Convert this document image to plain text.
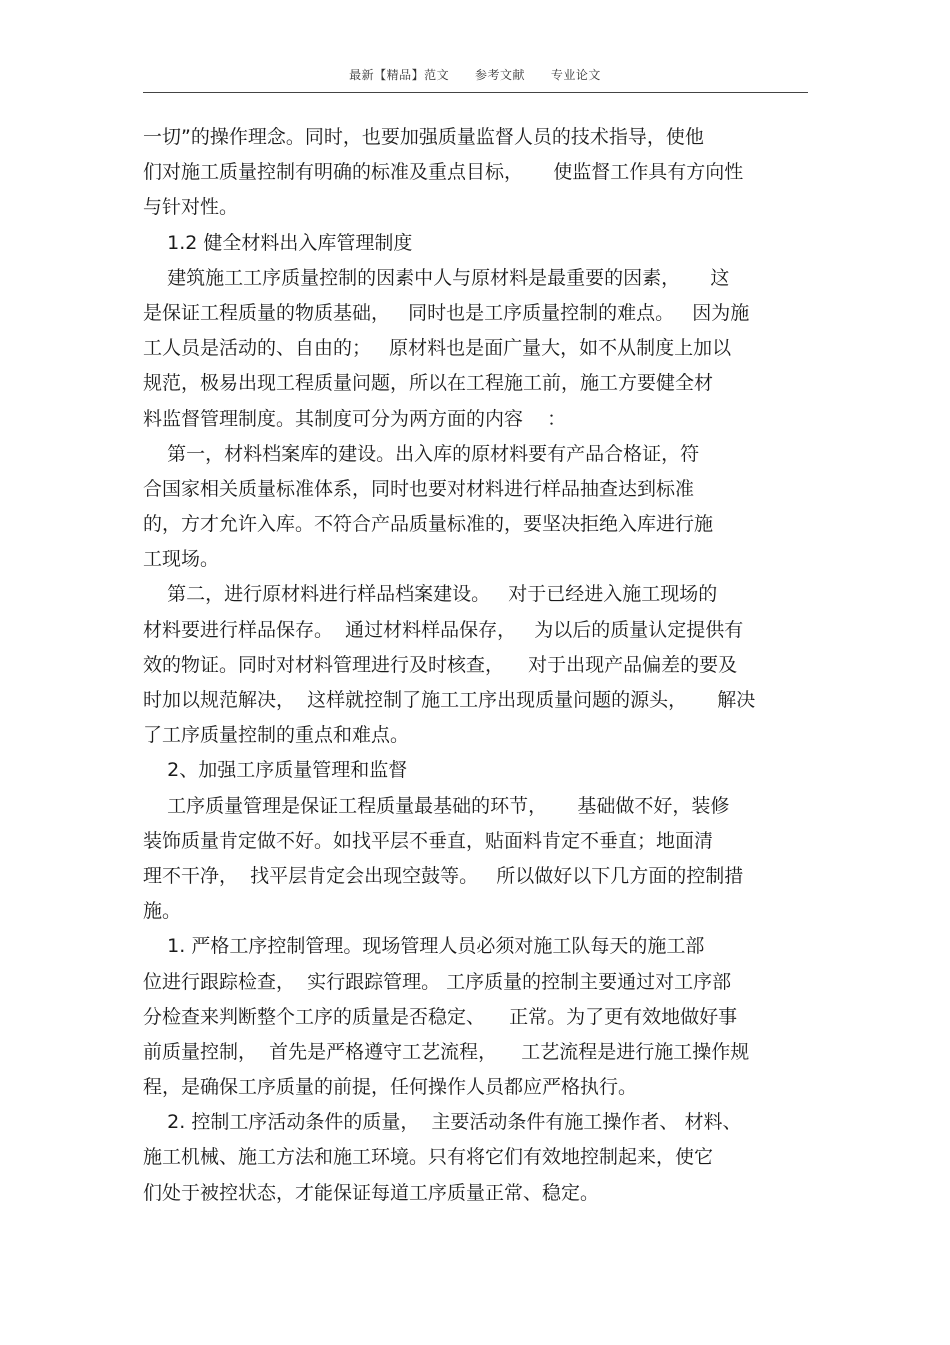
最新【精品】范文      参考文献      专业论文
一切”的操作理念。同时，也要加强质量监督人员的技术指导，使他
们对施工质量控制有明确的标准及重点目标，     使监督工作具有方向性
与针对性。
1.2 健全材料出入库管理制度
建筑施工工序质量控制的因素中人与原材料是最重要的因素，     这
是保证工程质量的物质基础，   同时也是工序质量控制的难点。   因为施
工人员是活动的、自由的；   原材料也是面广量大，如不从制度上加以
规范，极易出现工程质量问题，所以在工程施工前，施工方要健全材
料监督管理制度。其制度可分为两方面的内容    ：
第一，材料档案库的建设。出入库的原材料要有产品合格证，符
合国家相关质量标准体系，同时也要对材料进行样品抽查达到标准
的，方才允许入库。不符合产品质量标准的，要坚决拒绝入库进行施
工现场。
第二，进行原材料进行样品档案建设。   对于已经进入施工现场的
材料要进行样品保存。  通过材料样品保存，   为以后的质量认定提供有
效的物证。同时对材料管理进行及时核查，    对于出现产品偏差的要及
时加以规范解决，  这样就控制了施工工序出现质量问题的源头，     解决
了工序质量控制的重点和难点。
2、加强工序质量管理和监督
工序质量管理是保证工程质量最基础的环节，     基础做不好，装修
装饰质量肯定做不好。如找平层不垂直，贴面料肯定不垂直；地面清
理不干净，  找平层肯定会出现空鼓等。   所以做好以下几方面的控制措
施。
1. 严格工序控制管理。现场管理人员必须对施工队每天的施工部
位进行跟踪检查，  实行跟踪管理。 工序质量的控制主要通过对工序部
分检查来判断整个工序的质量是否稳定、    正常。为了更有效地做好事
前质量控制，  首先是严格遵守工艺流程，    工艺流程是进行施工操作规
程，是确保工序质量的前提，任何操作人员都应严格执行。
2. 控制工序活动条件的质量，  主要活动条件有施工操作者、 材料、
施工机械、施工方法和施工环境。只有将它们有效地控制起来，使它
们处于被控状态，才能保证每道工序质量正常、稳定。
